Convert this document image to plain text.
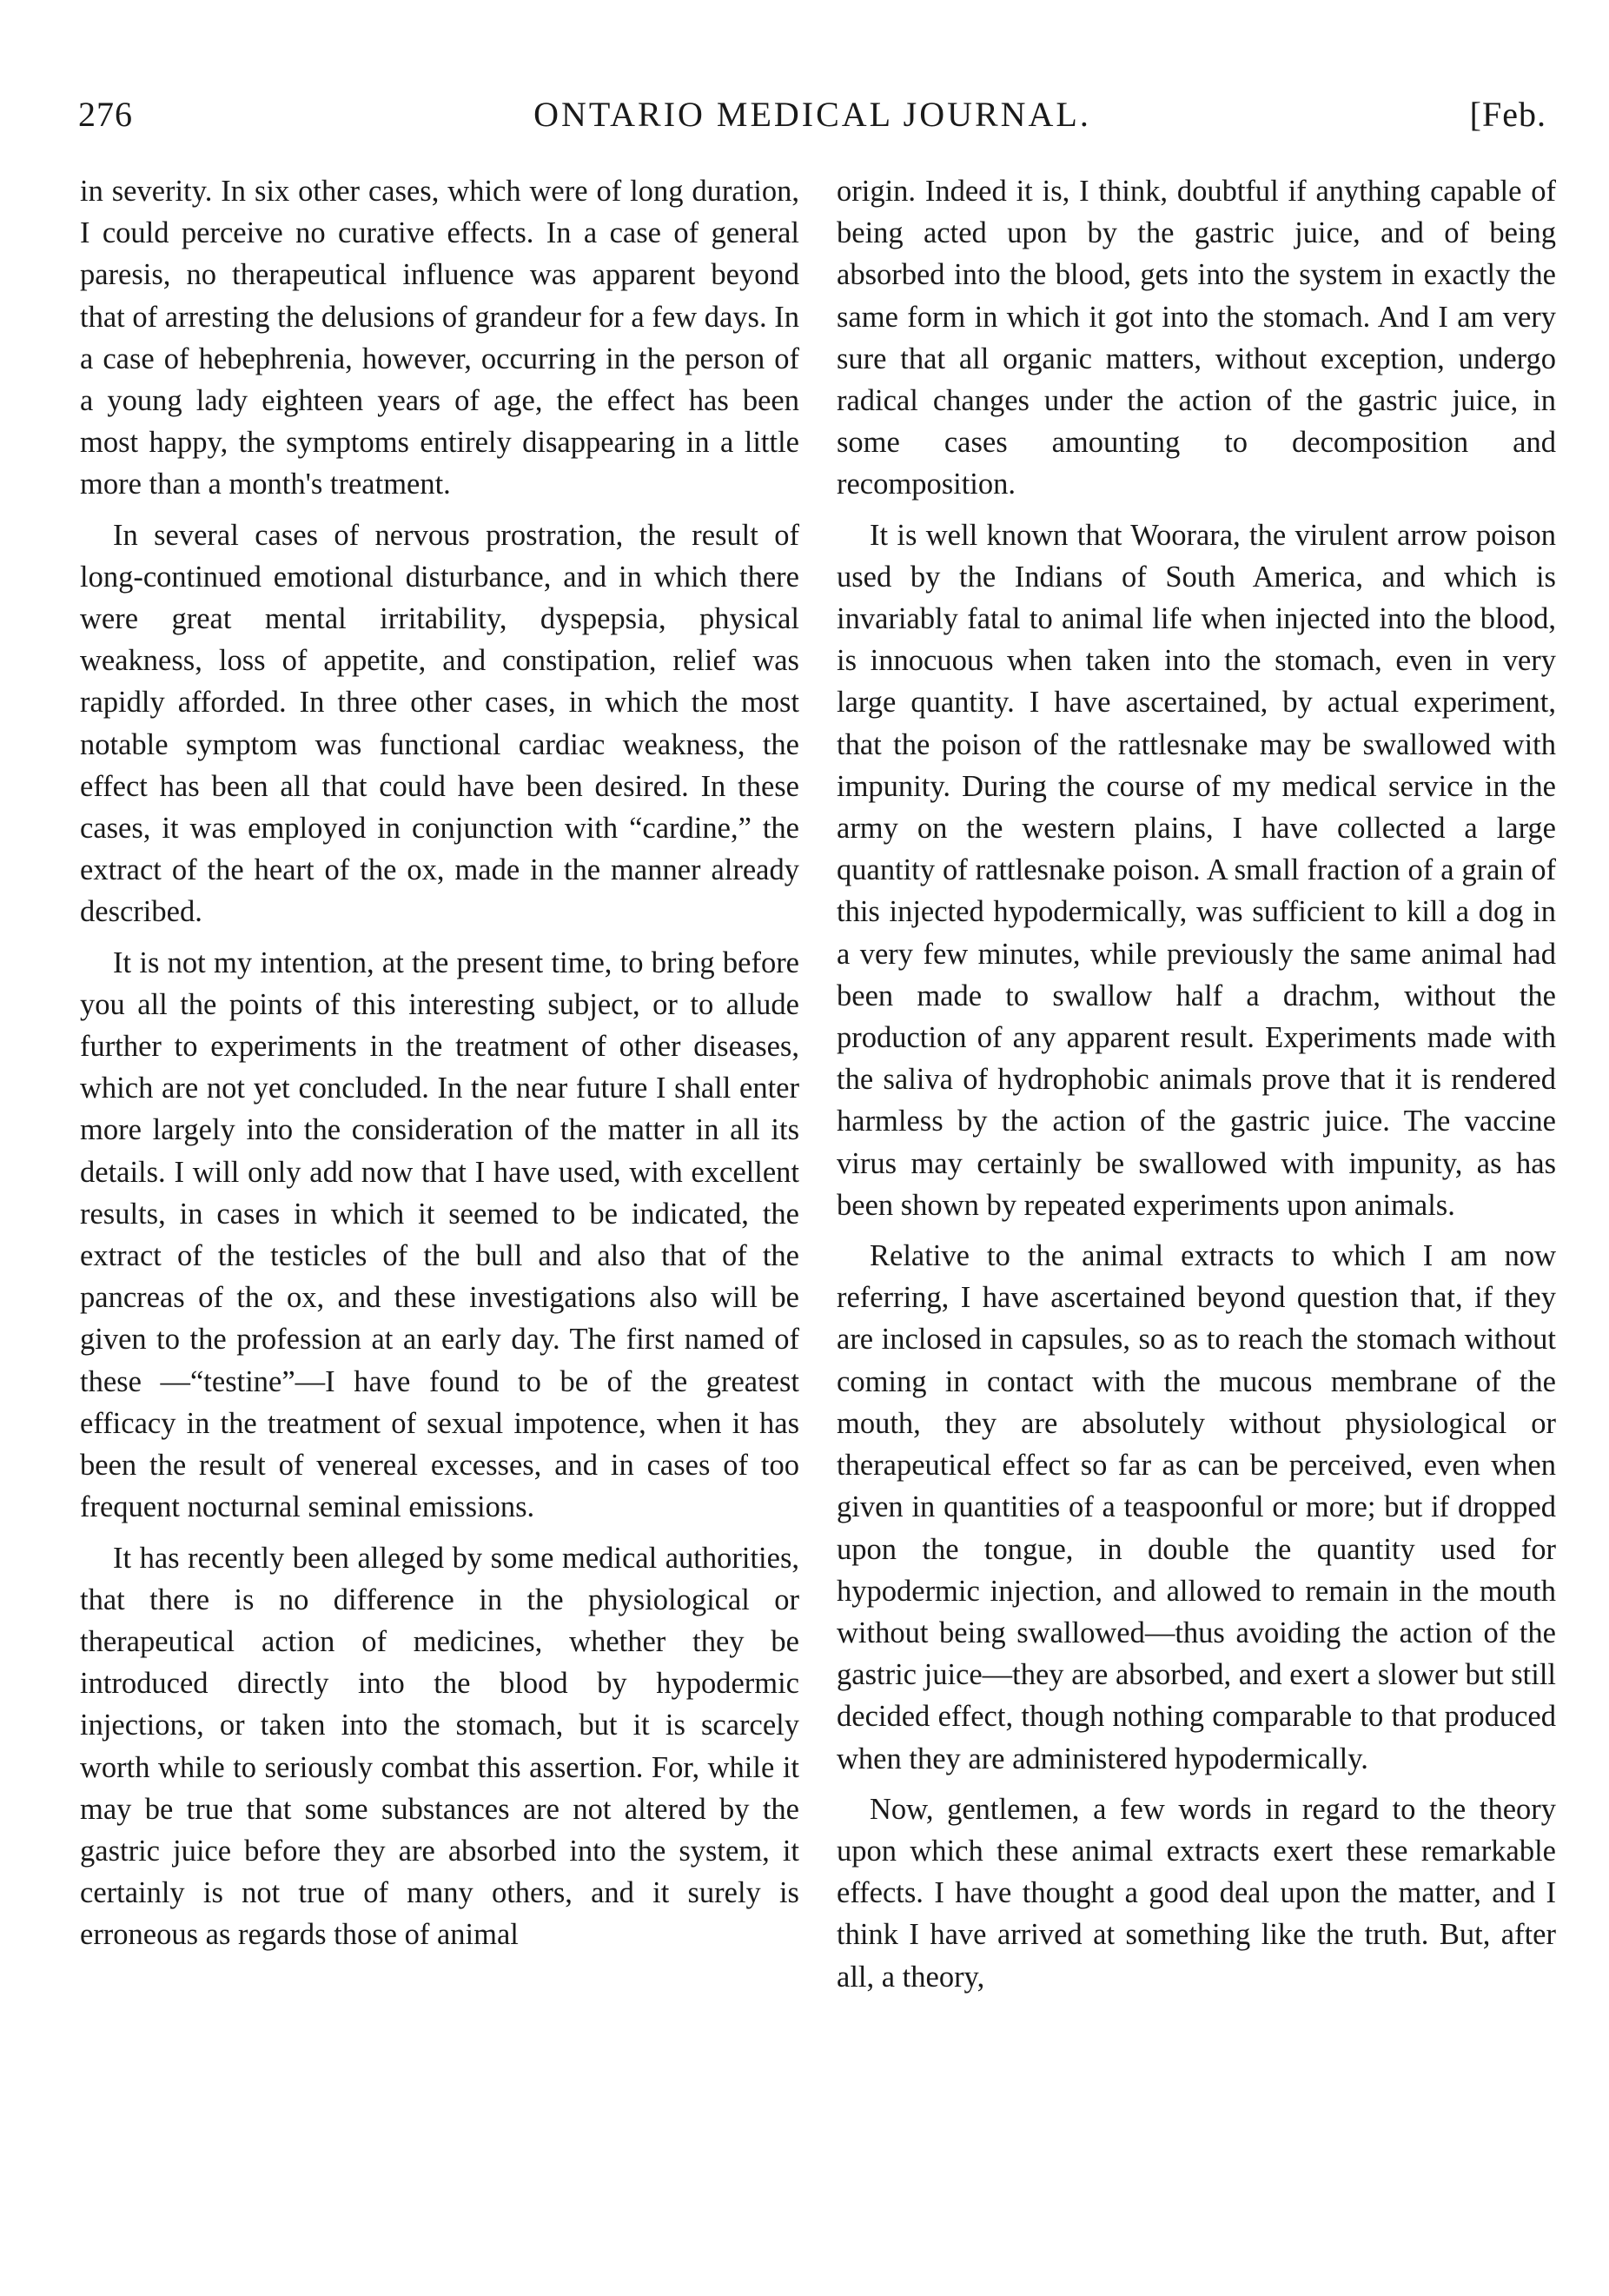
276	ONTARIO MEDICAL JOURNAL.	[Feb.

in severity. In six other cases, which were of long duration, I could perceive no curative effects. In a case of general paresis, no therapeutical influence was apparent beyond that of arresting the delusions of grandeur for a few days. In a case of hebephrenia, however, occurring in the person of a young lady eighteen years of age, the effect has been most happy, the symptoms entirely disappearing in a little more than a month's treatment.

In several cases of nervous prostration, the result of long-continued emotional disturbance, and in which there were great mental irritability, dyspepsia, physical weakness, loss of appetite, and constipation, relief was rapidly afforded. In three other cases, in which the most notable symptom was functional cardiac weakness, the effect has been all that could have been desired. In these cases, it was employed in conjunction with “cardine,” the extract of the heart of the ox, made in the manner already described.

It is not my intention, at the present time, to bring before you all the points of this interesting subject, or to allude further to experiments in the treatment of other diseases, which are not yet concluded. In the near future I shall enter more largely into the consideration of the matter in all its details. I will only add now that I have used, with excellent results, in cases in which it seemed to be indicated, the extract of the testicles of the bull and also that of the pancreas of the ox, and these investigations also will be given to the profession at an early day. The first named of these —“testine”—I have found to be of the greatest efficacy in the treatment of sexual impotence, when it has been the result of venereal excesses, and in cases of too frequent nocturnal seminal emissions.

It has recently been alleged by some medical authorities, that there is no difference in the physiological or therapeutical action of medicines, whether they be introduced directly into the blood by hypodermic injections, or taken into the stomach, but it is scarcely worth while to seriously combat this assertion. For, while it may be true that some substances are not altered by the gastric juice before they are absorbed into the system, it certainly is not true of many others, and it surely is erroneous as regards those of animal

origin. Indeed it is, I think, doubtful if anything capable of being acted upon by the gastric juice, and of being absorbed into the blood, gets into the system in exactly the same form in which it got into the stomach. And I am very sure that all organic matters, without exception, undergo radical changes under the action of the gastric juice, in some cases amounting to decomposition and recomposition.

It is well known that Woorara, the virulent arrow poison used by the Indians of South America, and which is invariably fatal to animal life when injected into the blood, is innocuous when taken into the stomach, even in very large quantity. I have ascertained, by actual experiment, that the poison of the rattlesnake may be swallowed with impunity. During the course of my medical service in the army on the western plains, I have collected a large quantity of rattlesnake poison. A small fraction of a grain of this injected hypodermically, was sufficient to kill a dog in a very few minutes, while previously the same animal had been made to swallow half a drachm, without the production of any apparent result. Experiments made with the saliva of hydrophobic animals prove that it is rendered harmless by the action of the gastric juice. The vaccine virus may certainly be swallowed with impunity, as has been shown by repeated experiments upon animals.

Relative to the animal extracts to which I am now referring, I have ascertained beyond question that, if they are inclosed in capsules, so as to reach the stomach without coming in contact with the mucous membrane of the mouth, they are absolutely without physiological or therapeutical effect so far as can be perceived, even when given in quantities of a teaspoonful or more; but if dropped upon the tongue, in double the quantity used for hypodermic injection, and allowed to remain in the mouth without being swallowed—thus avoiding the action of the gastric juice—they are absorbed, and exert a slower but still decided effect, though nothing comparable to that produced when they are administered hypodermically.

Now, gentlemen, a few words in regard to the theory upon which these animal extracts exert these remarkable effects. I have thought a good deal upon the matter, and I think I have arrived at something like the truth. But, after all, a theory,
